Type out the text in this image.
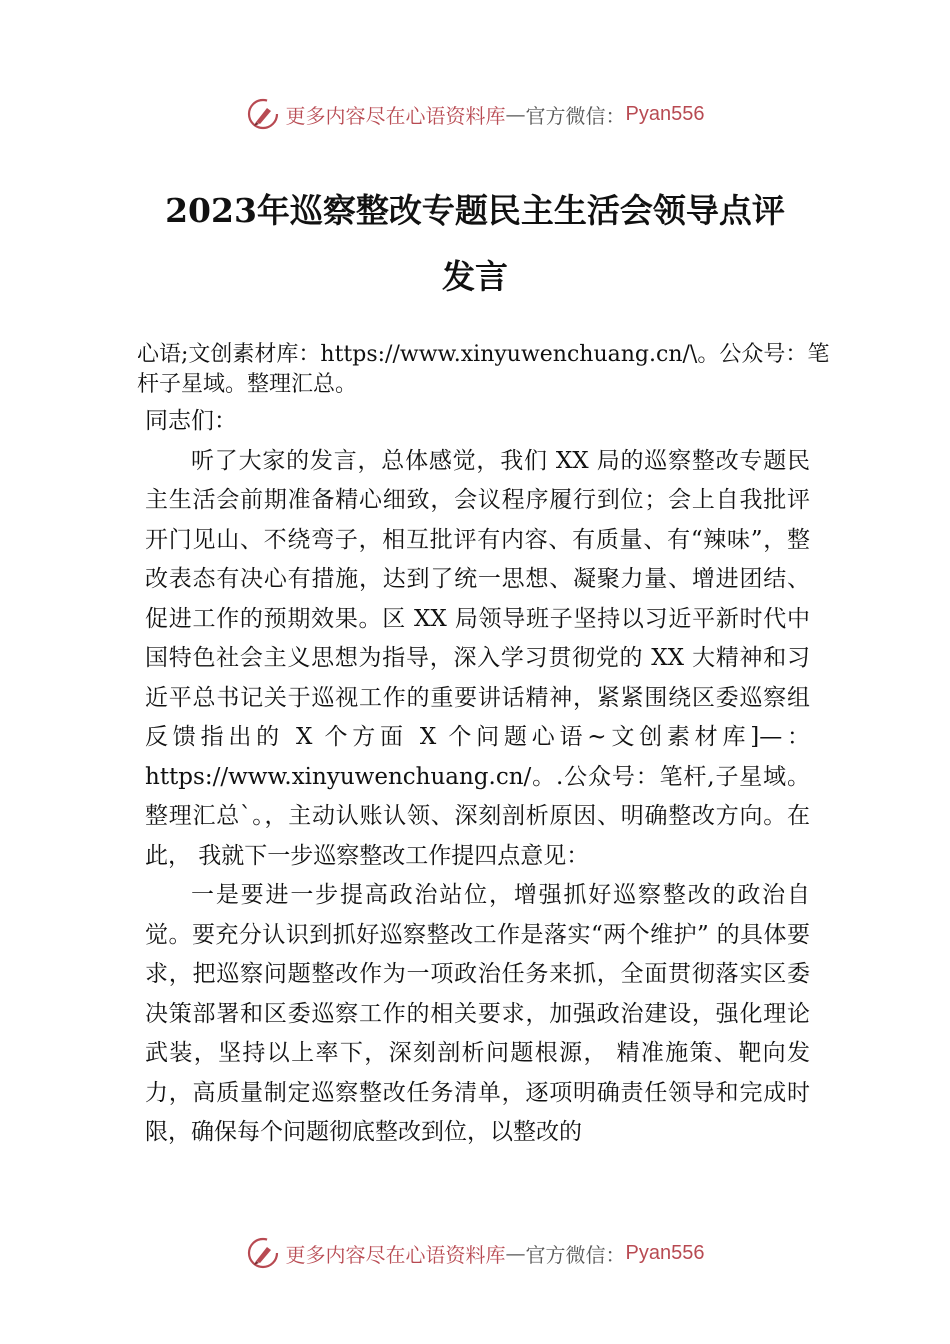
更多内容尽在心语资料库 — 官方微信： Pyan556
2023年巡察整改专题民主生活会领导点评
发言
心语;文创素材库：https://www.xinyuwenchuang.cn/\。公众号：笔杆子星域。整理汇总。

同志们：

听了大家的发言，总体感觉，我们 XX 局的巡察整改专题民主生活会前期准备精心细致，会议程序履行到位；会上自我批评开门见山、不绕弯子，相互批评有内容、有质量、有“辣味”，整改表态有决心有措施，达到了统一思想、凝聚力量、增进团结、促进工作的预期效果。区 XX 局领导班子坚持以习近平新时代中国特色社会主义思想为指导，深入学习贯彻党的 XX 大精神和习近平总书记关于巡视工作的重要讲话精神，紧紧围绕区委巡察组反馈指出的 X 个方面 X 个问题心语~文创素材库]—：https://www.xinyuwenchuang.cn/。.公众号：笔杆,子星域。整理汇总`。，主动认账认领、深刻剖析原因、明确整改方向。在此， 我就下一步巡察整改工作提四点意见：

一是要进一步提高政治站位，增强抓好巡察整改的政治自觉。要充分认识到抓好巡察整改工作是落实“两个维护” 的具体要求，把巡察问题整改作为一项政治任务来抓，全面贯彻落实区委决策部署和区委巡察工作的相关要求，加强政治建设，强化理论武装，坚持以上率下，深刻剖析问题根源， 精准施策、靶向发力，高质量制定巡察整改任务清单，逐项明确责任领导和完成时限，确保每个问题彻底整改到位，以整改的

更多内容尽在心语资料库 — 官方微信： Pyan556
